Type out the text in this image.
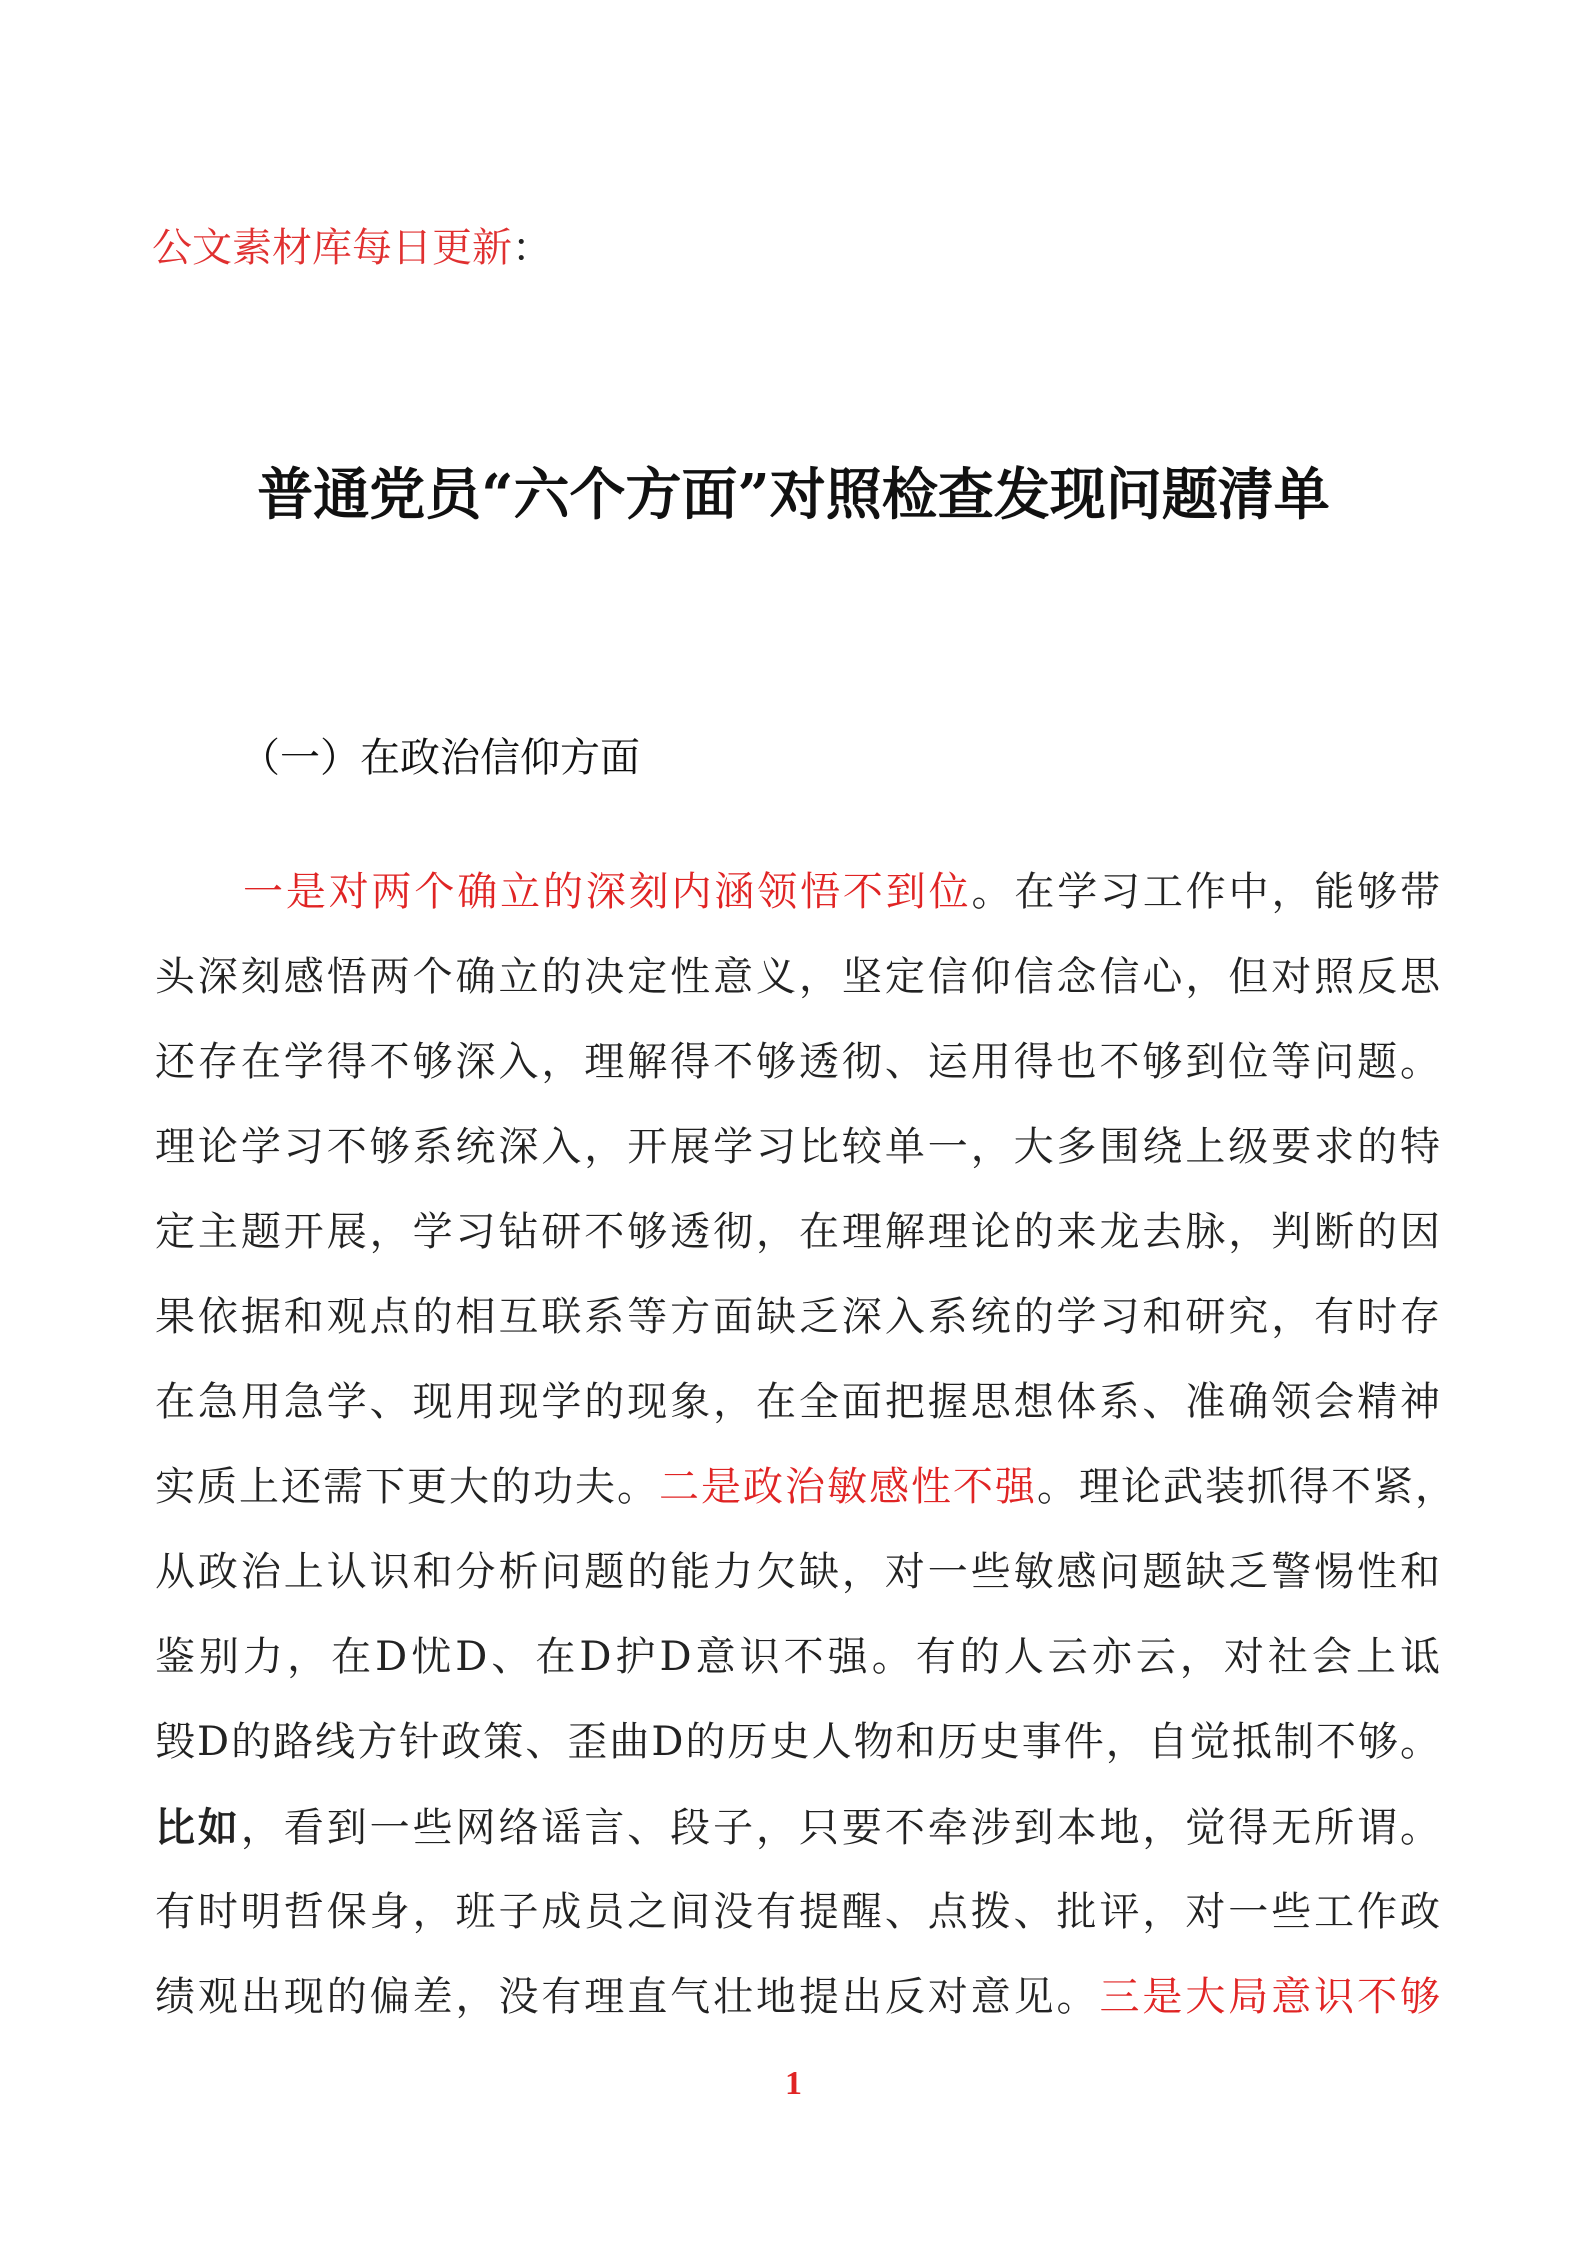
公文素材库每日更新：
普通党员“六个方面”对照检查发现问题清单
（一）在政治信仰方面
一是对两个确立的深刻内涵领悟不到位。在学习工作中，能够带
头深刻感悟两个确立的决定性意义，坚定信仰信念信心，但对照反思
还存在学得不够深入，理解得不够透彻、运用得也不够到位等问题。
理论学习不够系统深入，开展学习比较单一，大多围绕上级要求的特
定主题开展，学习钻研不够透彻，在理解理论的来龙去脉，判断的因
果依据和观点的相互联系等方面缺乏深入系统的学习和研究，有时存
在急用急学、现用现学的现象，在全面把握思想体系、准确领会精神
实质上还需下更大的功夫。二是政治敏感性不强。理论武装抓得不紧，
从政治上认识和分析问题的能力欠缺，对一些敏感问题缺乏警惕性和
鉴别力，在D忧D、在D护D意识不强。有的人云亦云，对社会上诋
毁D的路线方针政策、歪曲D的历史人物和历史事件，自觉抵制不够。
比如，看到一些网络谣言、段子，只要不牵涉到本地，觉得无所谓。
有时明哲保身，班子成员之间没有提醒、点拨、批评，对一些工作政
绩观出现的偏差，没有理直气壮地提出反对意见。三是大局意识不够
1
